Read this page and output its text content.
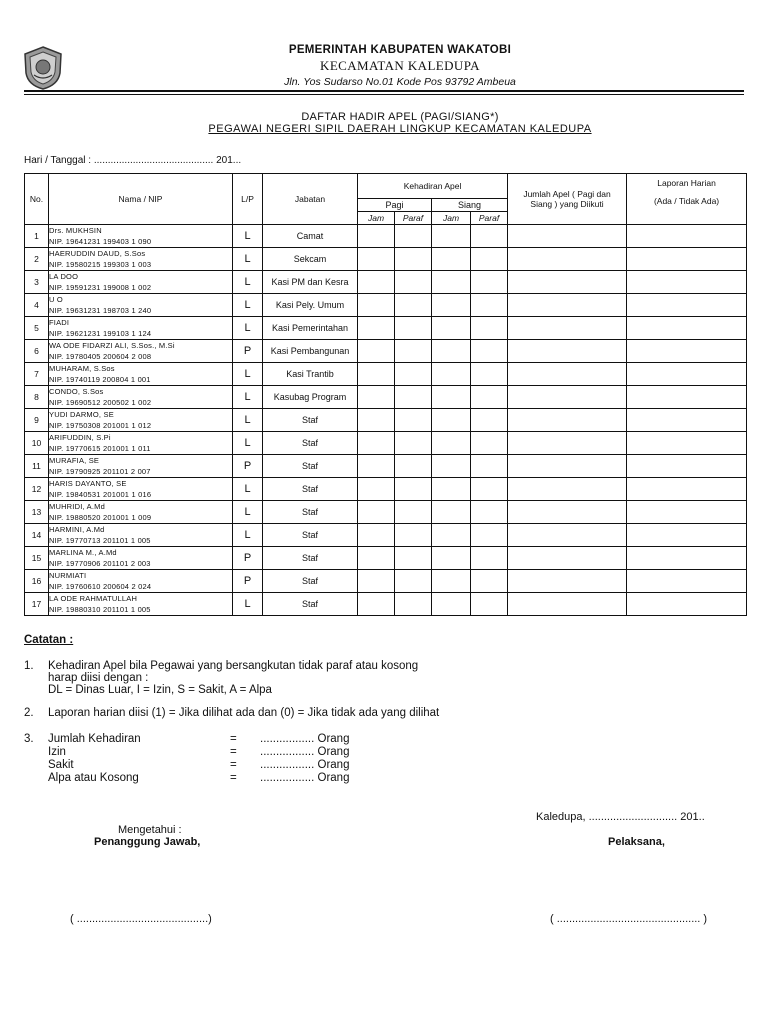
PEMERINTAH KABUPATEN WAKATOBI
KECAMATAN KALEDUPA
Jln. Yos Sudarso No.01 Kode Pos 93792 Ambeua
DAFTAR HADIR APEL (PAGI/SIANG*)
PEGAWAI NEGERI SIPIL DAERAH LINGKUP KECAMATAN KALEDUPA
Hari / Tanggal : ........................................... 201...
No.	Nama / NIP	L/P	Jabatan	Kehadiran Apel				Jumlah Apel ( Pagi dan Siang ) yang Diikuti	Laporan Harian
(Ada / Tidak Ada)

				Pagi		Siang			
				Jam	Paraf	Jam	Paraf		
1	Drs. MUKHSIN
NIP. 19641231 199403 1 090	L	Camat						
2	HAERUDDIN DAUD, S.Sos
NIP. 19580215 199303 1 003	L	Sekcam						
3	LA DOO
NIP. 19591231 199008 1 002	L	Kasi PM dan Kesra						
4	U O
NIP. 19631231 198703 1 240	L	Kasi Pely. Umum						
5	FIADI
NIP. 19621231 199103 1 124	L	Kasi Pemerintahan						
6	WA ODE FIDARZI ALI, S.Sos., M.Si
NIP. 19780405 200604 2 008	P	Kasi Pembangunan						
7	MUHARAM, S.Sos
NIP. 19740119 200804 1 001	L	Kasi Trantib						
8	CONDO, S.Sos
NIP. 19690512 200502 1 002	L	Kasubag Program						
9	YUDI DARMO, SE
NIP. 19750308 201001 1 012	L	Staf						
10	ARIFUDDIN, S.Pi
NIP. 19770615 201001 1 011	L	Staf						
11	MURAFIA, SE
NIP. 19790925 201101 2 007	P	Staf						
12	HARIS DAYANTO, SE
NIP. 19840531 201001 1 016	L	Staf						
13	MUHRIDI, A.Md
NIP. 19880520 201001 1 009	L	Staf						
14	HARMINI, A.Md
NIP. 19770713 201101 1 005	L	Staf						
15	MARLINA M., A.Md
NIP. 19770906 201101 2 003	P	Staf						
16	NURMIATI
NIP. 19760610 200604 2 024	P	Staf						
17	LA ODE RAHMATULLAH
NIP. 19880310 201101 1 005	L	Staf						
Catatan :
1. Kehadiran Apel bila Pegawai yang bersangkutan tidak paraf atau kosong
harap diisi dengan :
DL = Dinas Luar, I = Izin, S = Sakit, A = Alpa
2. Laporan harian diisi (1) = Jika dilihat ada dan (0) = Jika tidak ada yang dilihat
3. Jumlah Kehadiran	= ................. Orang
Izin	= ................. Orang
Sakit	= ................. Orang
Alpa atau Kosong	= ................. Orang
Kaledupa, ............................. 201..
Mengetahui :
Penanggung Jawab,	Pelaksana,
( ...........................................)	( ............................................... )
